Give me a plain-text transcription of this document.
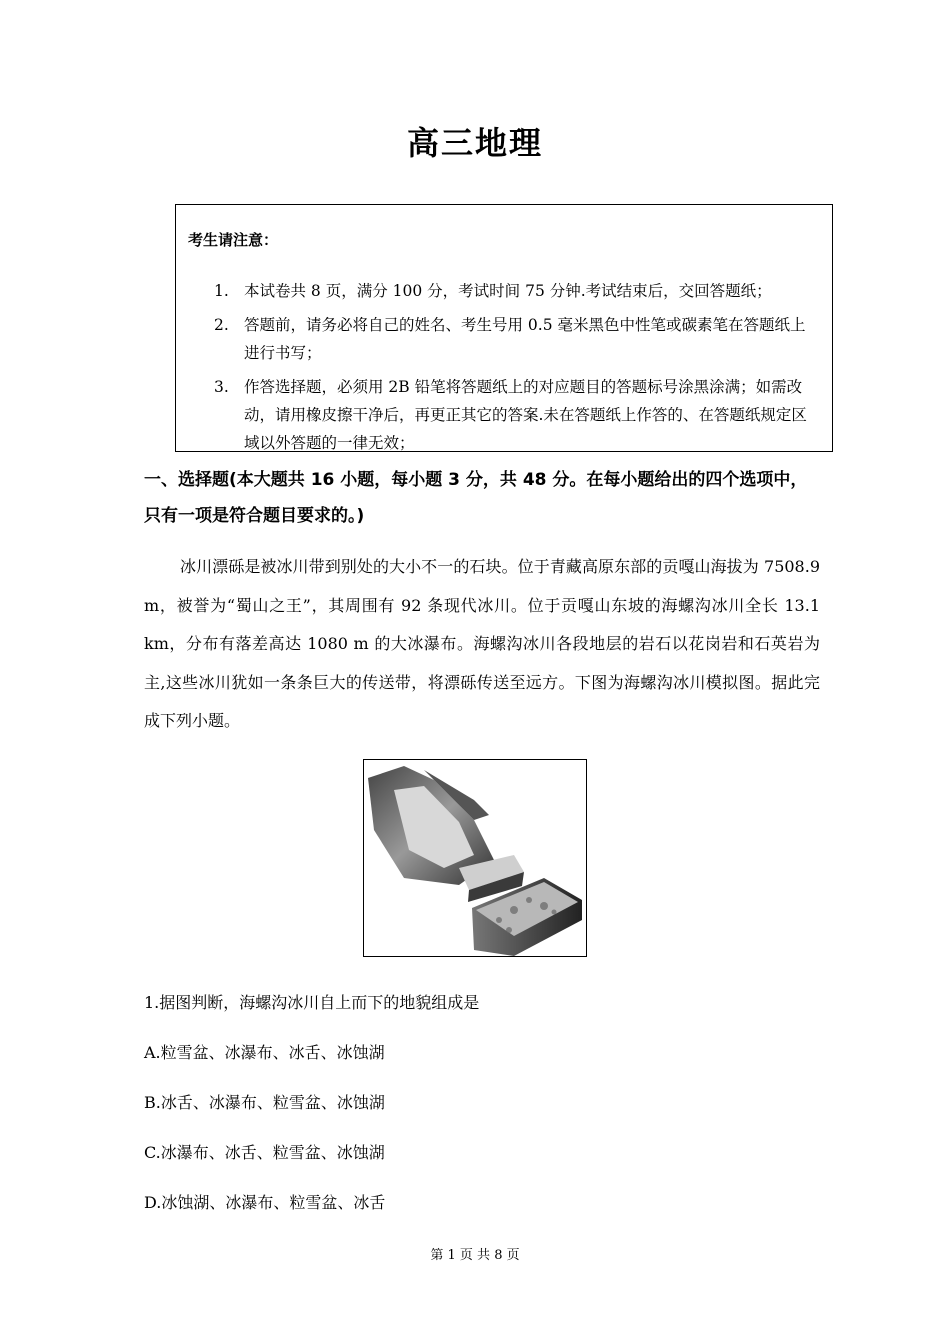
高三地理
考生请注意：
1. 本试卷共 8 页，满分 100 分，考试时间 75 分钟.考试结束后，交回答题纸；
2. 答题前，请务必将自己的姓名、考生号用 0.5 毫米黑色中性笔或碳素笔在答题纸上进行书写；
3. 作答选择题，必须用 2B 铅笔将答题纸上的对应题目的答题标号涂黑涂满；如需改动，请用橡皮擦干净后，再更正其它的答案.未在答题纸上作答的、在答题纸规定区域以外答题的一律无效；
一、选择题(本大题共 16 小题，每小题 3 分，共 48 分。在每小题给出的四个选项中，只有一项是符合题目要求的。)
冰川漂砾是被冰川带到别处的大小不一的石块。位于青藏高原东部的贡嘎山海拔为 7508.9 m，被誉为“蜀山之王”，其周围有 92 条现代冰川。位于贡嘎山东坡的海螺沟冰川全长 13.1 km，分布有落差高达 1080 m 的大冰瀑布。海螺沟冰川各段地层的岩石以花岗岩和石英岩为主,这些冰川犹如一条条巨大的传送带，将漂砾传送至远方。下图为海螺沟冰川模拟图。据此完成下列小题。
1.据图判断，海螺沟冰川自上而下的地貌组成是
A.粒雪盆、冰瀑布、冰舌、冰蚀湖
B.冰舌、冰瀑布、粒雪盆、冰蚀湖
C.冰瀑布、冰舌、粒雪盆、冰蚀湖
D.冰蚀湖、冰瀑布、粒雪盆、冰舌
第 1 页 共 8 页
